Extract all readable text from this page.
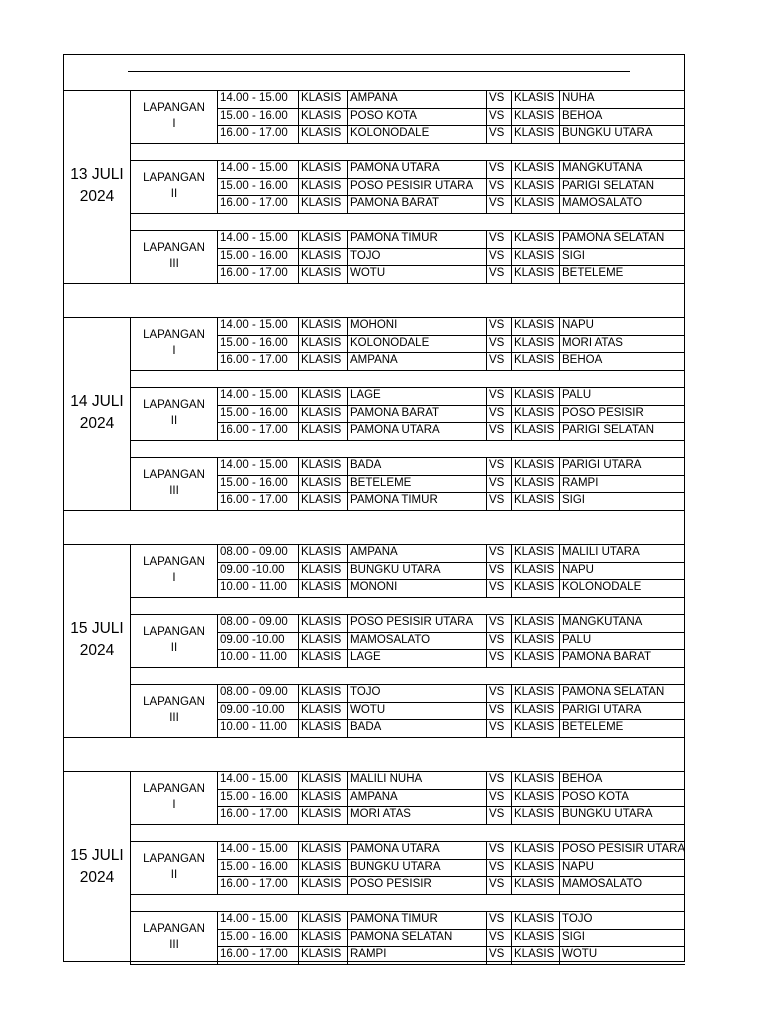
13 JULI
2024
LAPANGAN
I
14.00 - 15.00	KLASIS AMPANA	VS KLASIS NUHA
15.00 - 16.00	KLASIS POSO KOTA	VS KLASIS BEHOA
16.00 - 17.00	KLASIS KOLONODALE	VS KLASIS BUNGKU UTARA
LAPANGAN
II
14.00 - 15.00	KLASIS PAMONA UTARA	VS KLASIS MANGKUTANA
15.00 - 16.00	KLASIS POSO PESISIR UTARA	VS KLASIS PARIGI SELATAN
16.00 - 17.00	KLASIS PAMONA BARAT	VS KLASIS MAMOSALATO
LAPANGAN
III
14.00 - 15.00	KLASIS PAMONA TIMUR	VS KLASIS PAMONA SELATAN
15.00 - 16.00	KLASIS TOJO	VS KLASIS SIGI
16.00 - 17.00	KLASIS WOTU	VS KLASIS BETELEME
14 JULI
2024
LAPANGAN
I
14.00 - 15.00	KLASIS MOHONI	VS KLASIS NAPU
15.00 - 16.00	KLASIS KOLONODALE	VS KLASIS MORI ATAS
16.00 - 17.00	KLASIS AMPANA	VS KLASIS BEHOA
LAPANGAN
II
14.00 - 15.00	KLASIS LAGE	VS KLASIS PALU
15.00 - 16.00	KLASIS PAMONA BARAT	VS KLASIS POSO PESISIR
16.00 - 17.00	KLASIS PAMONA UTARA	VS KLASIS PARIGI SELATAN
LAPANGAN
III
14.00 - 15.00	KLASIS BADA	VS KLASIS PARIGI UTARA
15.00 - 16.00	KLASIS BETELEME	VS KLASIS RAMPI
16.00 - 17.00	KLASIS PAMONA TIMUR	VS KLASIS SIGI
15 JULI
2024
LAPANGAN
I
08.00 - 09.00	KLASIS AMPANA	VS KLASIS MALILI UTARA
09.00 -10.00	KLASIS BUNGKU UTARA	VS KLASIS NAPU
10.00 - 11.00	KLASIS MONONI	VS KLASIS KOLONODALE
LAPANGAN
II
08.00 - 09.00	KLASIS POSO PESISIR UTARA	VS KLASIS MANGKUTANA
09.00 -10.00	KLASIS MAMOSALATO	VS KLASIS PALU
10.00 - 11.00	KLASIS LAGE	VS KLASIS PAMONA BARAT
LAPANGAN
III
08.00 - 09.00	KLASIS TOJO	VS KLASIS PAMONA SELATAN
09.00 -10.00	KLASIS WOTU	VS KLASIS PARIGI UTARA
10.00 - 11.00	KLASIS BADA	VS KLASIS BETELEME
15 JULI
2024
LAPANGAN
I
14.00 - 15.00	KLASIS MALILI NUHA	VS KLASIS BEHOA
15.00 - 16.00	KLASIS AMPANA	VS KLASIS POSO KOTA
16.00 - 17.00	KLASIS MORI ATAS	VS KLASIS BUNGKU UTARA
LAPANGAN
II
14.00 - 15.00	KLASIS PAMONA UTARA	VS KLASIS POSO PESISIR UTARA
15.00 - 16.00	KLASIS BUNGKU UTARA	VS KLASIS NAPU
16.00 - 17.00	KLASIS POSO PESISIR	VS KLASIS MAMOSALATO
LAPANGAN
III
14.00 - 15.00	KLASIS PAMONA TIMUR	VS KLASIS TOJO
15.00 - 16.00	KLASIS PAMONA SELATAN	VS KLASIS SIGI
16.00 - 17.00	KLASIS RAMPI	VS KLASIS WOTU
